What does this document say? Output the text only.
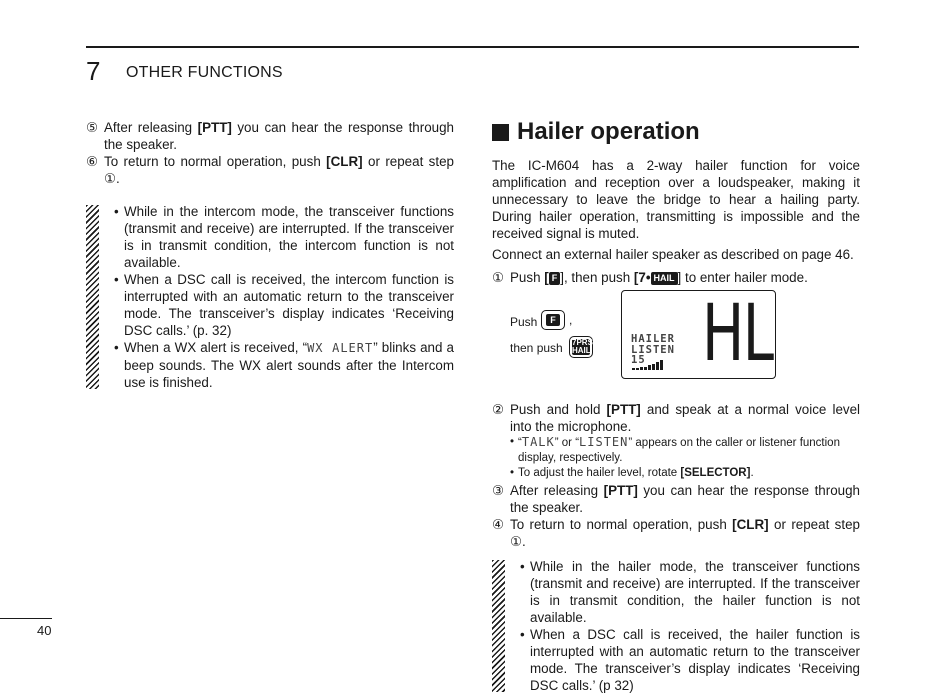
7 OTHER FUNCTIONS
⑤ After releasing [PTT] you can hear the response through the speaker.
⑥ To return to normal operation, push [CLR] or repeat step ①.
• While in the intercom mode, the transceiver functions (transmit and receive) are interrupted. If the transceiver is in transmit condition, the intercom function is not available.
• When a DSC call is received, the intercom function is interrupted with an automatic return to the transceiver mode. The transceiver’s display indicates ‘Receiving DSC calls.’ (p. 32)
• When a WX alert is received, “WX ALERT” blinks and a beep sounds. The WX alert sounds after the Intercom use is finished.
Hailer operation

The IC-M604 has a 2-way hailer function for voice amplification and reception over a loudspeaker, making it unnecessary to leave the bridge to hear a hailing party. During hailer operation, transmitting is impossible and the received signal is muted.

Connect an external hailer speaker as described on page 46.

① Push [ F ], then push [7• HAIL ] to enter hailer mode.
Push	F	,
then push 7PRS HAIL
HAILER
LISTEN
15 HL
② Push and hold [PTT] and speak at a normal voice level into the microphone.
• “TALK” or “LISTEN” appears on the caller or listener function display, respectively.
• To adjust the hailer level, rotate [SELECTOR].
③ After releasing [PTT] you can hear the response through the speaker.
④ To return to normal operation, push [CLR] or repeat step ①.
• While in the hailer mode, the transceiver functions (transmit and receive) are interrupted. If the transceiver is in transmit condition, the hailer function is not available.
• When a DSC call is received, the hailer function is interrupted with an automatic return to the transceiver mode. The transceiver’s display indicates ‘Receiving DSC calls.’ (p 32)
40
